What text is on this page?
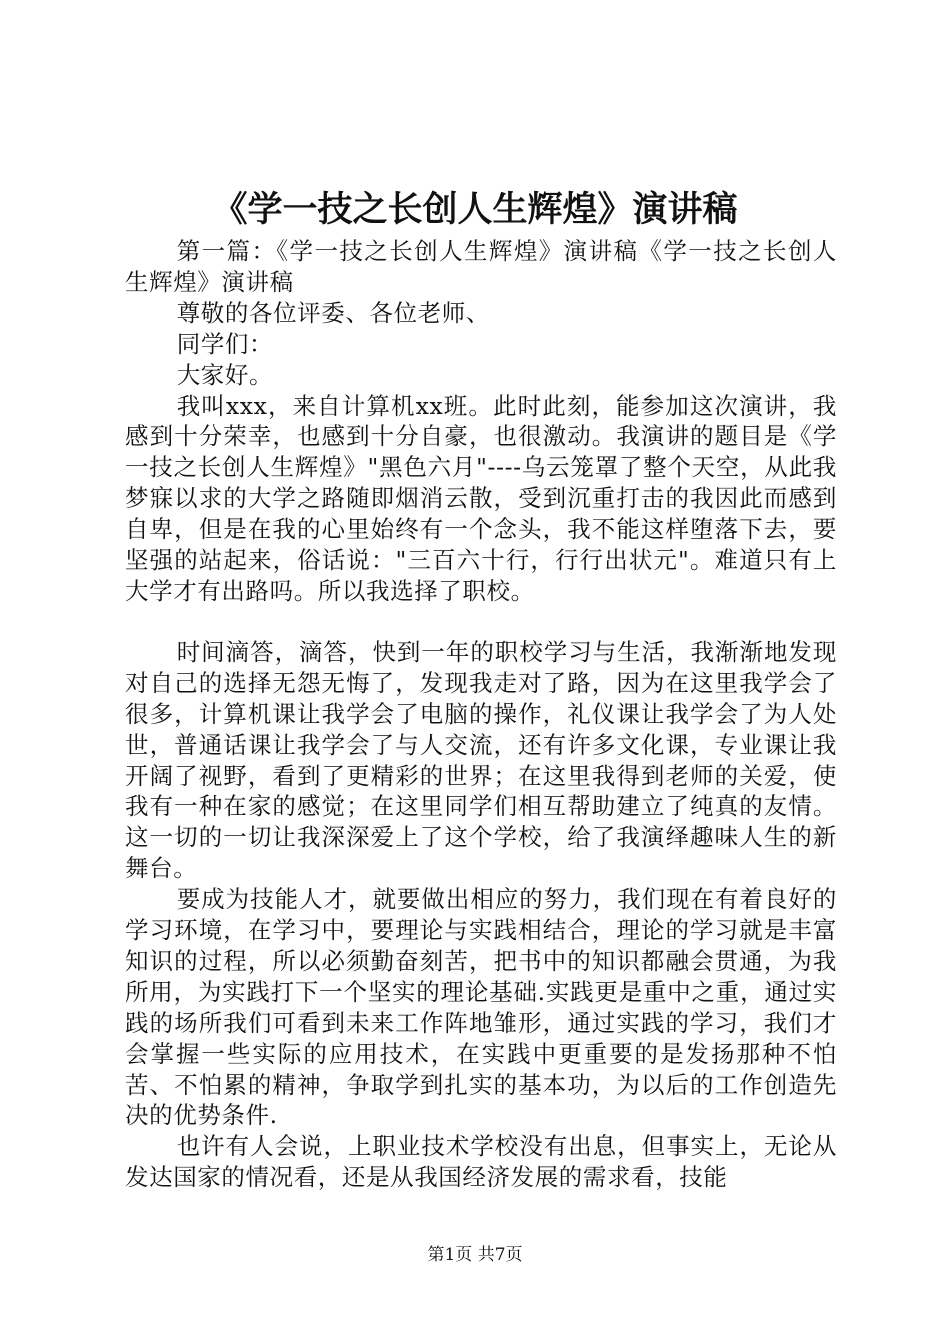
《学一技之长创人生辉煌》演讲稿

第一篇：《学一技之长创人生辉煌》演讲稿《学一技之长创人生辉煌》演讲稿

尊敬的各位评委、各位老师、

同学们：

大家好。

我叫xxx，来自计算机xx班。此时此刻，能参加这次演讲，我感到十分荣幸，也感到十分自豪，也很激动。我演讲的题目是《学一技之长创人生辉煌》"黑色六月"----乌云笼罩了整个天空，从此我梦寐以求的大学之路随即烟消云散，受到沉重打击的我因此而感到自卑，但是在我的心里始终有一个念头，我不能这样堕落下去，要坚强的站起来，俗话说："三百六十行，行行出状元"。难道只有上大学才有出路吗。所以我选择了职校。

时间滴答，滴答，快到一年的职校学习与生活，我渐渐地发现对自己的选择无怨无悔了，发现我走对了路，因为在这里我学会了很多，计算机课让我学会了电脑的操作，礼仪课让我学会了为人处世，普通话课让我学会了与人交流，还有许多文化课，专业课让我开阔了视野，看到了更精彩的世界；在这里我得到老师的关爱，使我有一种在家的感觉；在这里同学们相互帮助建立了纯真的友情。这一切的一切让我深深爱上了这个学校，给了我演绎趣味人生的新舞台。

要成为技能人才，就要做出相应的努力，我们现在有着良好的学习环境，在学习中，要理论与实践相结合，理论的学习就是丰富知识的过程，所以必须勤奋刻苦，把书中的知识都融会贯通，为我所用，为实践打下一个坚实的理论基础.实践更是重中之重，通过实践的场所我们可看到未来工作阵地雏形，通过实践的学习，我们才会掌握一些实际的应用技术，在实践中更重要的是发扬那种不怕苦、不怕累的精神，争取学到扎实的基本功，为以后的工作创造先决的优势条件.

也许有人会说，上职业技术学校没有出息，但事实上，无论从发达国家的情况看，还是从我国经济发展的需求看，技能

第1页 共7页
